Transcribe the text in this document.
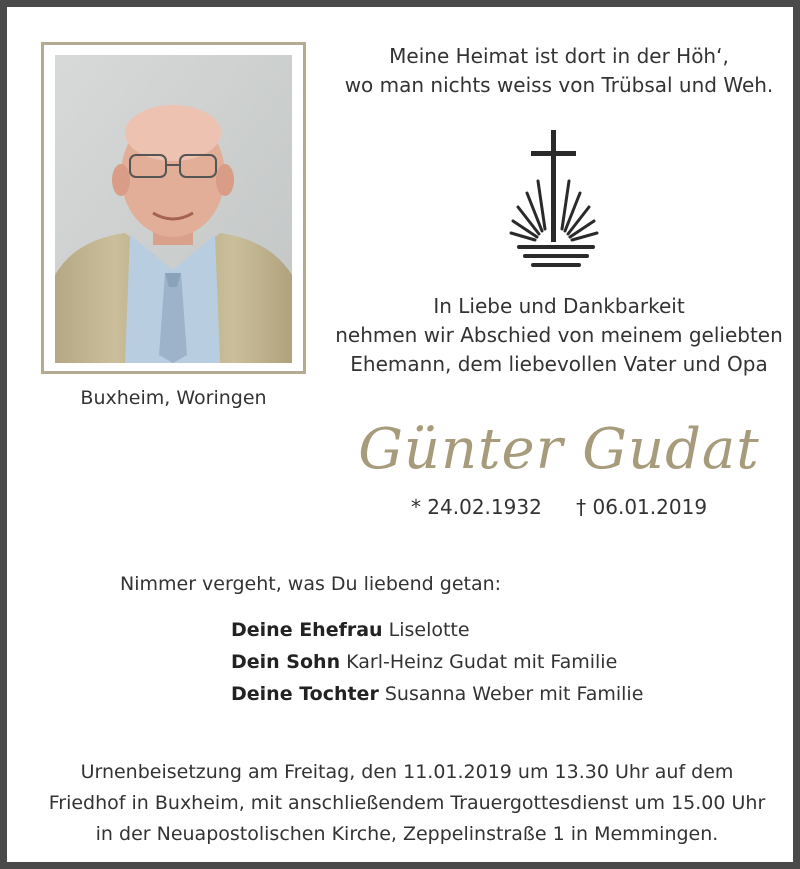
Buxheim, Woringen
Meine Heimat ist dort in der Höh‘,
wo man nichts weiss von Trübsal und Weh.
In Liebe und Dankbarkeit
nehmen wir Abschied von meinem geliebten
Ehemann, dem liebevollen Vater und Opa
Günter Gudat
* 24.02.1932 † 06.01.2019
Nimmer vergeht, was Du liebend getan:
Deine Ehefrau Liselotte
Dein Sohn Karl-Heinz Gudat mit Familie
Deine Tochter Susanna Weber mit Familie
Urnenbeisetzung am Freitag, den 11.01.2019 um 13.30 Uhr auf dem
Friedhof in Buxheim, mit anschließendem Trauergottesdienst um 15.00 Uhr
in der Neuapostolischen Kirche, Zeppelinstraße 1 in Memmingen.
